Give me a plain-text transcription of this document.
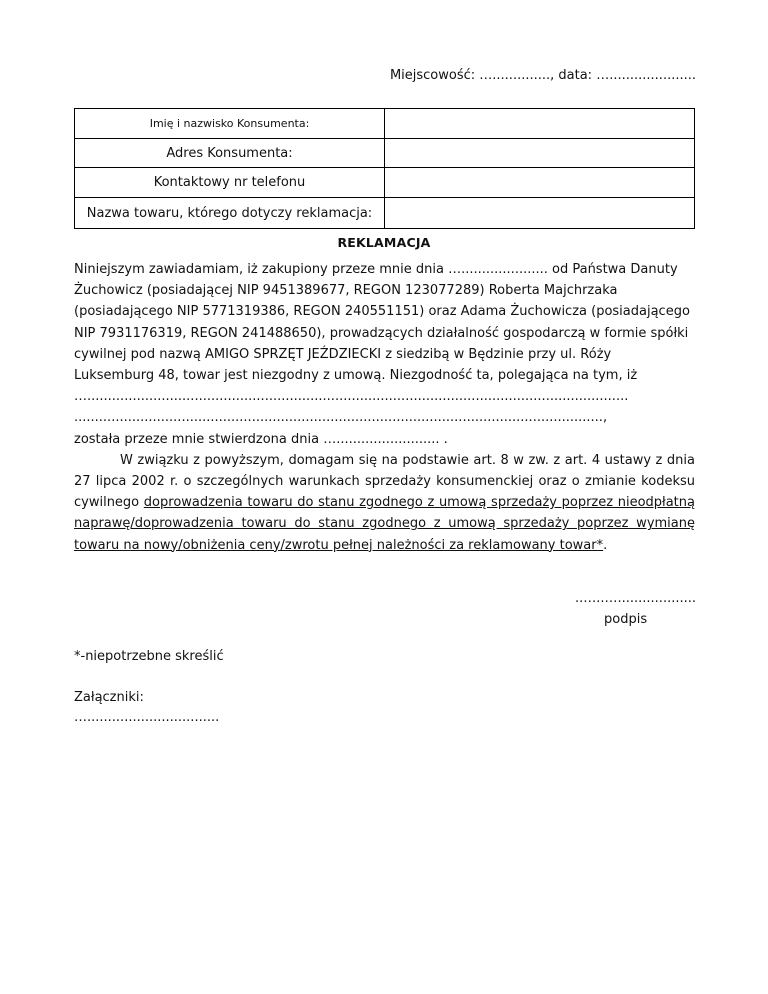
Miejscowość: ….............., data: ….....................
Imię i nazwisko Konsumenta:	
Adres Konsumenta:	
Kontaktowy nr telefonu	
Nazwa towaru, którego dotyczy reklamacja:	
REKLAMACJA

Niniejszym zawiadamiam, iż zakupiony przeze mnie dnia …..................... od Państwa Danuty
Żuchowicz (posiadającej NIP 9451389677, REGON 123077289) Roberta Majchrzaka
(posiadającego NIP 5771319386, REGON 240551151) oraz Adama Żuchowicza (posiadającego
NIP 7931176319, REGON 241488650), prowadzących działalność gospodarczą w formie spółki
cywilnej pod nazwą AMIGO SPRZĘT JEŹDZIECKI z siedzibą w Będzinie przy ul. Róży
Luksemburg 48, towar jest niezgodny z umową. Niezgodność ta, polegająca na tym, iż
…...................................................................................................................................
................................................................................................................................,
została przeze mnie stwierdzona dnia …......................... .

W związku z powyższym, domagam się na podstawie art. 8 w zw. z art. 4 ustawy z dnia 27 lipca 2002 r. o szczególnych warunkach sprzedaży konsumenckiej oraz o zmianie kodeksu cywilnego doprowadzenia towaru do stanu zgodnego z umową sprzedaży poprzez nieodpłatną naprawę/doprowadzenia towaru do stanu zgodnego z umową sprzedaży poprzez wymianę towaru na nowy/obniżenia ceny/zwrotu pełnej należności za reklamowany towar*.

..…..…...................
podpis
*-niepotrzebne skreślić
Załączniki:
…................................
